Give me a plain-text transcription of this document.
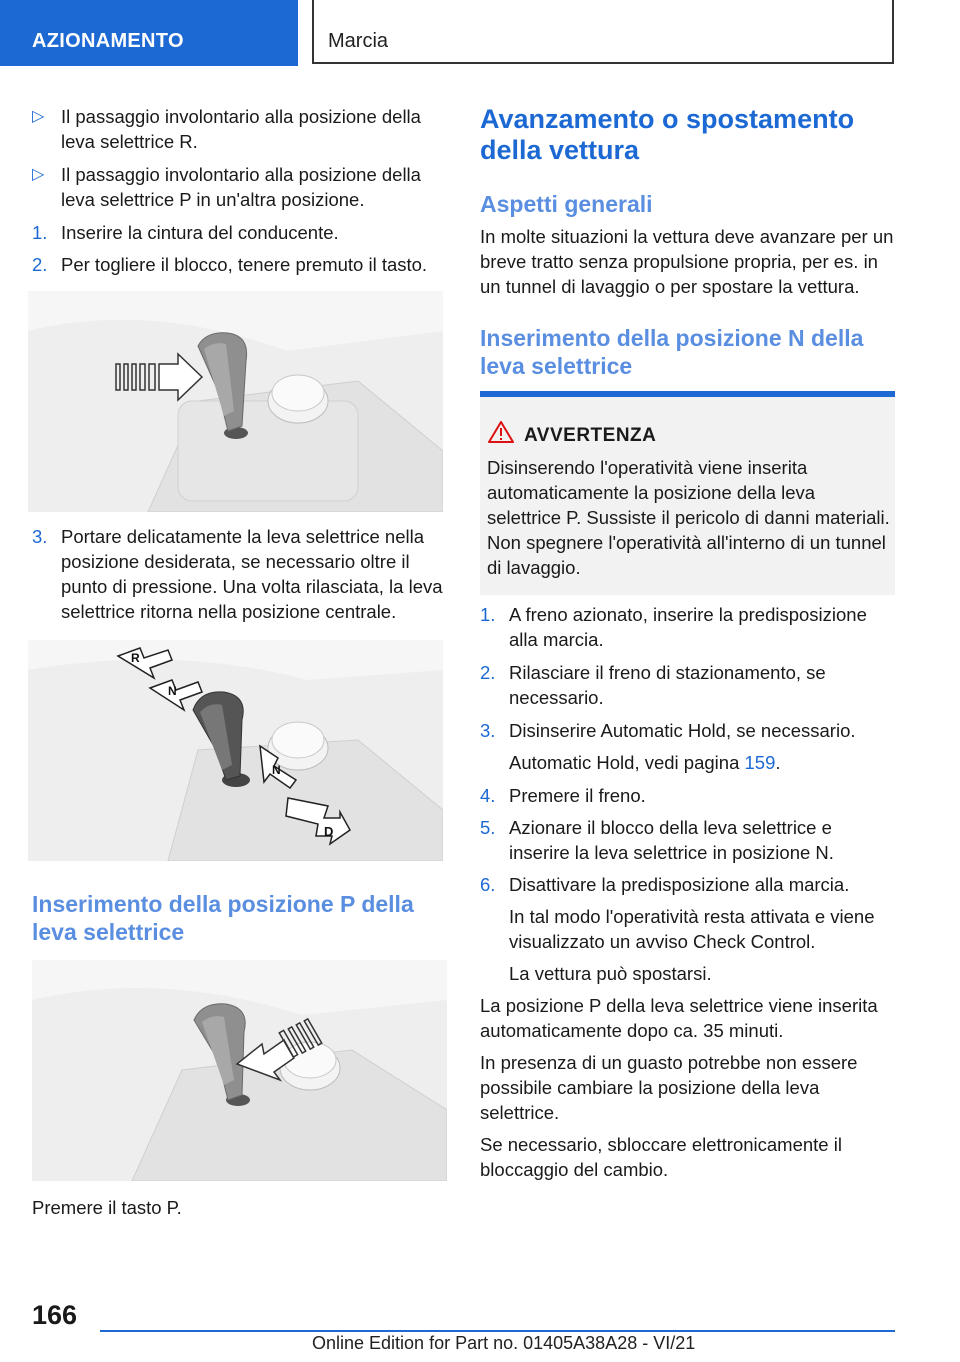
AZIONAMENTO	Marcia
▷ Il passaggio involontario alla posizione della leva selettrice R.
▷ Il passaggio involontario alla posizione della leva selettrice P in un'altra posizione.
1. Inserire la cintura del conducente.
2. Per togliere il blocco, tenere premuto il tasto.
3. Portare delicatamente la leva selettrice nella posizione desiderata, se necessario oltre il punto di pressione. Una volta rilasciata, la leva selettrice ritorna nella posizione centrale.
R
N
N
D
Inserimento della posizione P della leva selettrice
Premere il tasto P.
Avanzamento o spostamento della vettura
Aspetti generali
In molte situazioni la vettura deve avanzare per un breve tratto senza propulsione propria, per es. in un tunnel di lavaggio o per spostare la vettura.
Inserimento della posizione N della leva selettrice
AVVERTENZA
Disinserendo l'operatività viene inserita automaticamente la posizione della leva selettrice P. Sussiste il pericolo di danni materiali. Non spegnere l'operatività all'interno di un tunnel di lavaggio.
1. A freno azionato, inserire la predisposizione alla marcia.
2. Rilasciare il freno di stazionamento, se necessario.
3. Disinserire Automatic Hold, se necessario.
Automatic Hold, vedi pagina 159.
4. Premere il freno.
5. Azionare il blocco della leva selettrice e inserire la leva selettrice in posizione N.
6. Disattivare la predisposizione alla marcia.
In tal modo l'operatività resta attivata e viene visualizzato un avviso Check Control.
La vettura può spostarsi.
La posizione P della leva selettrice viene inserita automaticamente dopo ca. 35 minuti.
In presenza di un guasto potrebbe non essere possibile cambiare la posizione della leva selettrice.
Se necessario, sbloccare elettronicamente il bloccaggio del cambio.
166
Online Edition for Part no. 01405A38A28 - VI/21
